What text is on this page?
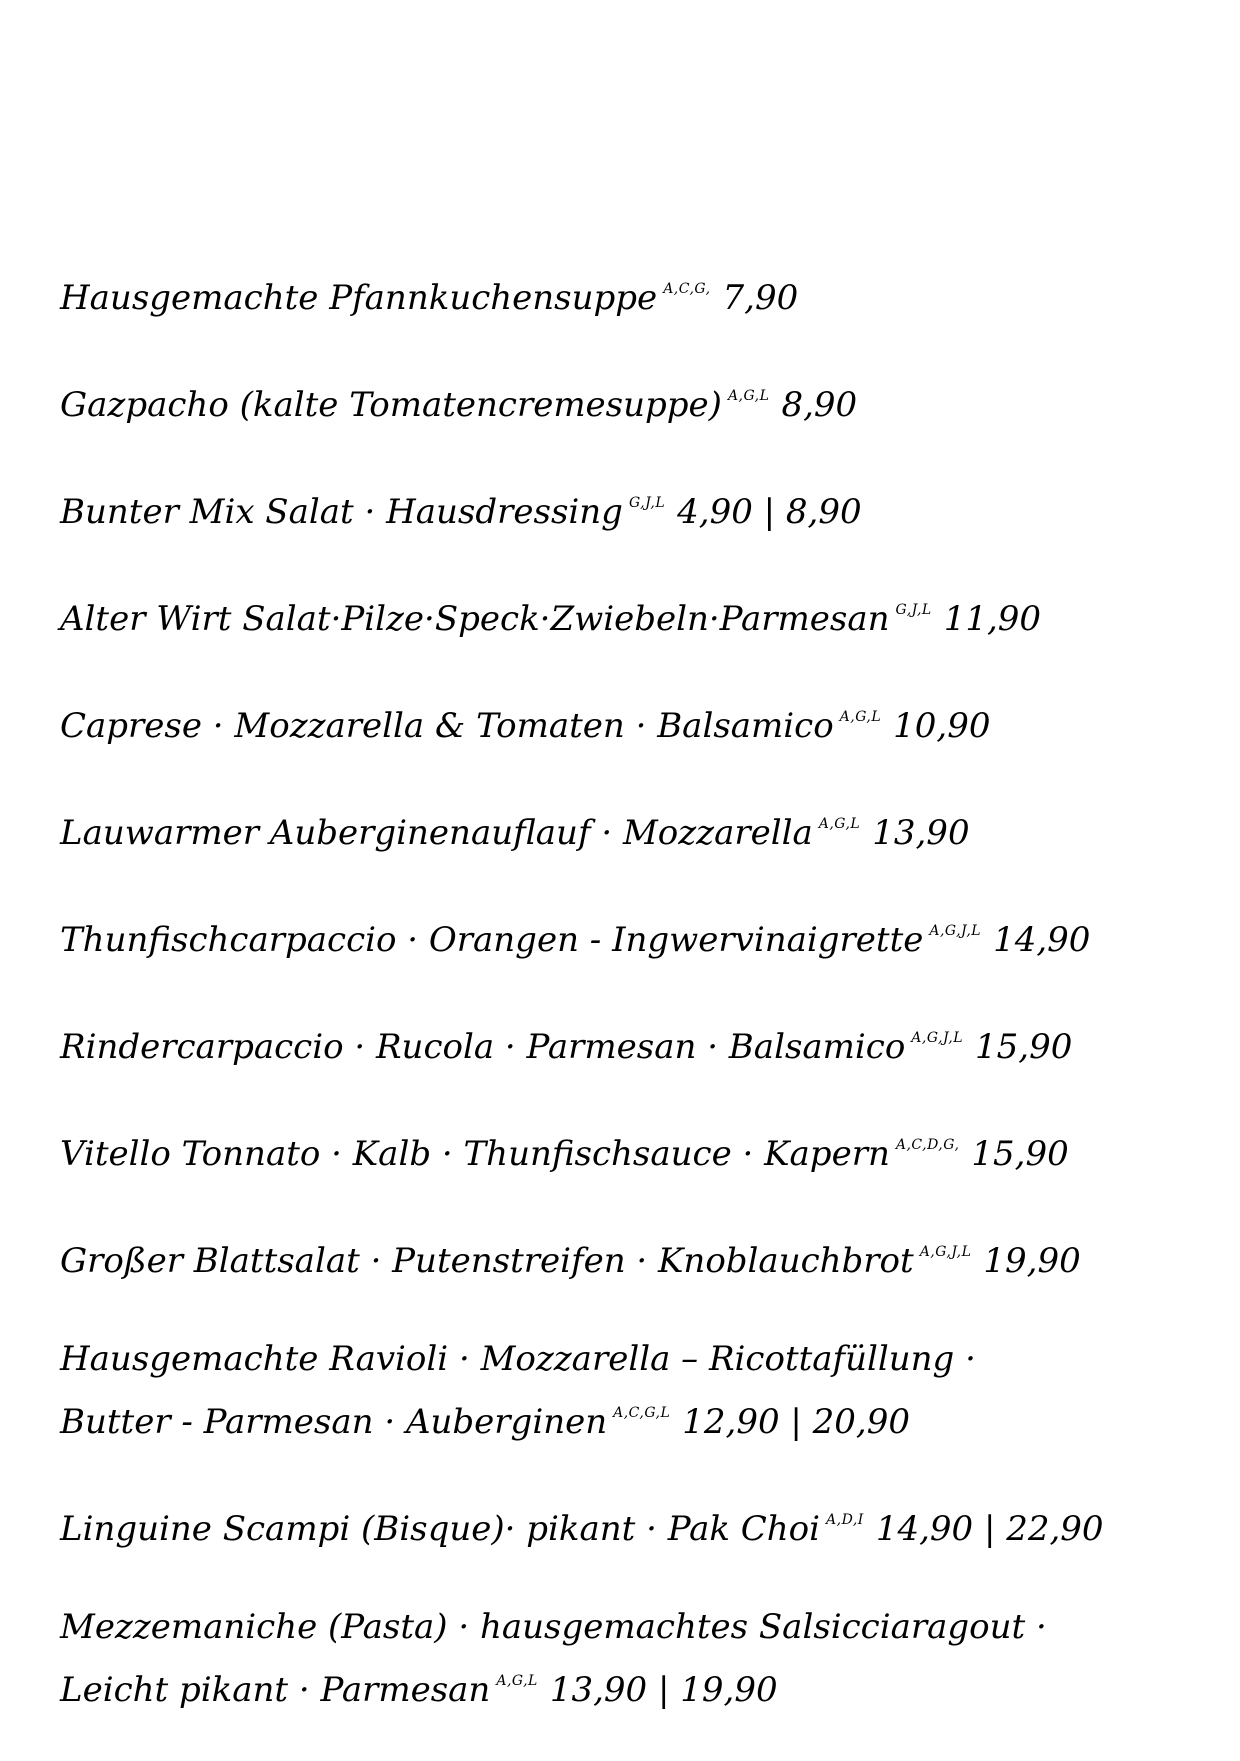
Hausgemachte Pfannkuchensuppe $^{A,C,G,}$ 7,90
Gazpacho (kalte Tomatencremesuppe) $^{A,G,L}$ 8,90
Bunter Mix Salat · Hausdressing $^{G,J,L}$ 4,90 | 8,90
Alter Wirt Salat·Pilze·Speck·Zwiebeln·Parmesan $^{G,J,L}$ 11,90
Caprese · Mozzarella & Tomaten · Balsamico $^{A,G,L}$ 10,90
Lauwarmer Auberginenauflauf · Mozzarella $^{A,G,L}$ 13,90
Thunfischcarpaccio · Orangen - Ingwervinaigrette $^{A,G,J,L}$ 14,90
Rindercarpaccio · Rucola · Parmesan · Balsamico $^{A,G,J,L}$ 15,90
Vitello Tonnato · Kalb · Thunfischsauce · Kapern $^{A,C,D,G,}$ 15,90
Großer Blattsalat · Putenstreifen · Knoblauchbrot $^{A,G,J,L}$ 19,90
Hausgemachte Ravioli · Mozzarella – Ricottafüllung ·
Butter - Parmesan · Auberginen $^{A,C,G,L}$ 12,90 | 20,90
Linguine Scampi (Bisque)· pikant · Pak Choi $^{A,D,I}$ 14,90 | 22,90
Mezzemaniche (Pasta) · hausgemachtes Salsicciaragout ·
Leicht pikant · Parmesan $^{A,G,L}$ 13,90 | 19,90
